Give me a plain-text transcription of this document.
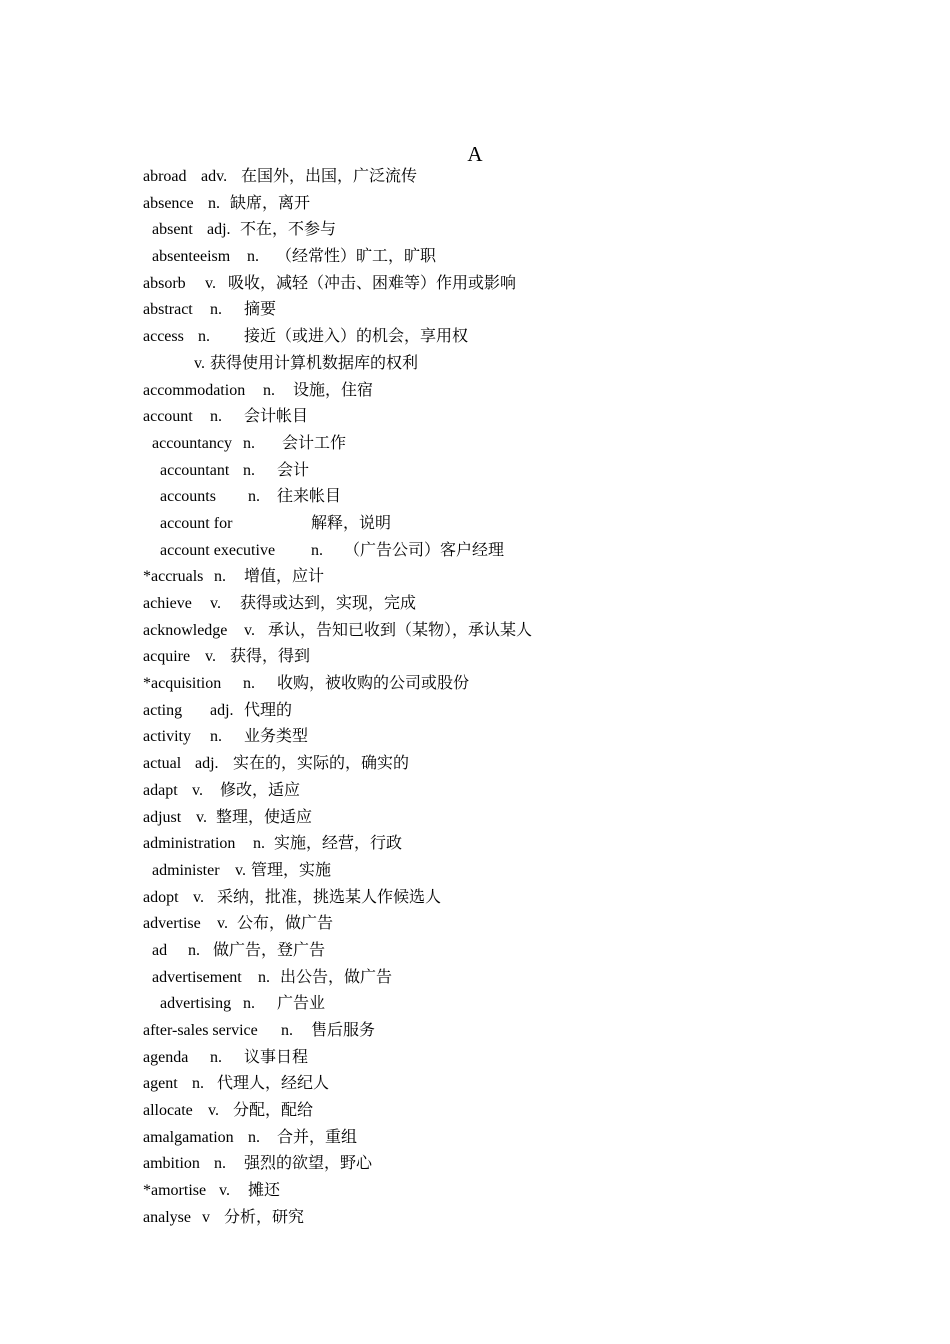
A
abroad adv. 在国外，出国，广泛流传
absence n. 缺席，离开
absent adj. 不在，不参与
absenteeism n. （经常性）旷工，旷职
absorb v. 吸收，减轻（冲击、困难等）作用或影响
abstract n. 摘要
access n. 接近（或进入）的机会，享用权
v. 获得使用计算机数据库的权利
accommodation n. 设施，住宿
account n. 会计帐目
accountancy n. 会计工作
accountant n. 会计
accounts n. 往来帐目
account for	解释，说明
account executive n. （广告公司）客户经理
*accruals n. 增值，应计
achieve v. 获得或达到，实现，完成
acknowledge v. 承认，告知已收到（某物），承认某人
acquire v. 获得，得到
*acquisition n. 收购，被收购的公司或股份
acting adj. 代理的
activity n. 业务类型
actual adj. 实在的，实际的，确实的
adapt v. 修改，适应
adjust v. 整理，使适应
administration n. 实施，经营，行政
administer v. 管理，实施
adopt v. 采纳，批准，挑选某人作候选人
advertise v. 公布，做广告
ad n. 做广告，登广告
advertisement n. 出公告，做广告
advertising n. 广告业
after-sales service n. 售后服务
agenda n. 议事日程
agent n. 代理人，经纪人
allocate v. 分配，配给
amalgamation n. 合并，重组
ambition n. 强烈的欲望，野心
*amortise v. 摊还
analyse v 分析，研究
